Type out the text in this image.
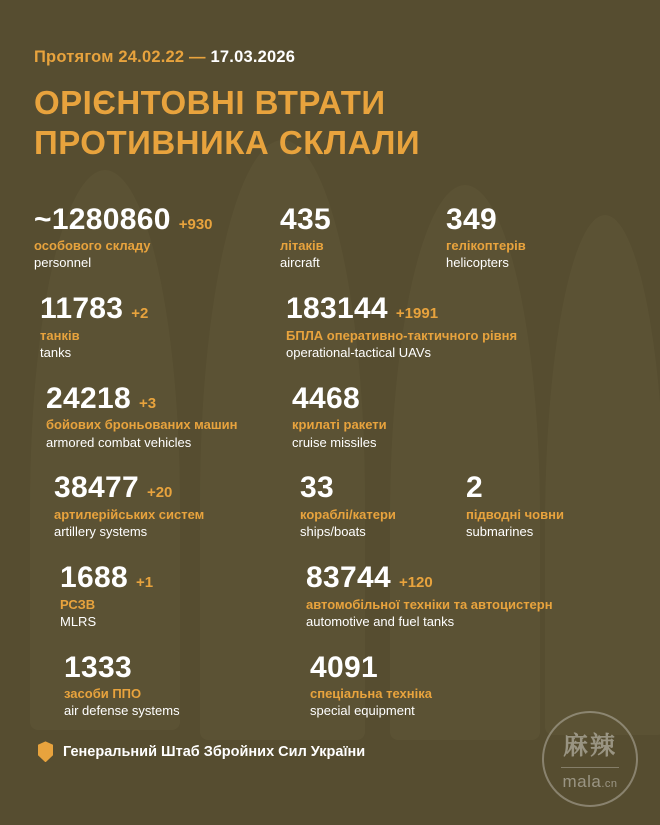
Протягом 24.02.22 — 17.03.2026
ОРІЄНТОВНІ ВТРАТИ
ПРОТИВНИКА СКЛАЛИ
~1280860 +930
особового складу
personnel
435
літаків
aircraft
349
гелікоптерів
helicopters
11783 +2
танків
tanks
183144 +1991
БПЛА оперативно-тактичного рівня
operational-tactical UAVs
24218 +3
бойових броньованих машин
armored combat vehicles
4468
крилаті ракети
cruise missiles
38477 +20
артилерійських систем
artillery systems
33
кораблі/катери
ships/boats
2
підводні човни
submarines
1688 +1
РСЗВ
MLRS
83744 +120
автомобільної техніки та автоцистерн
automotive and fuel tanks
1333
засоби ППО
air defense systems
4091
спеціальна техніка
special equipment
Генеральний Штаб Збройних Сил України	麻辣
mala.cn
